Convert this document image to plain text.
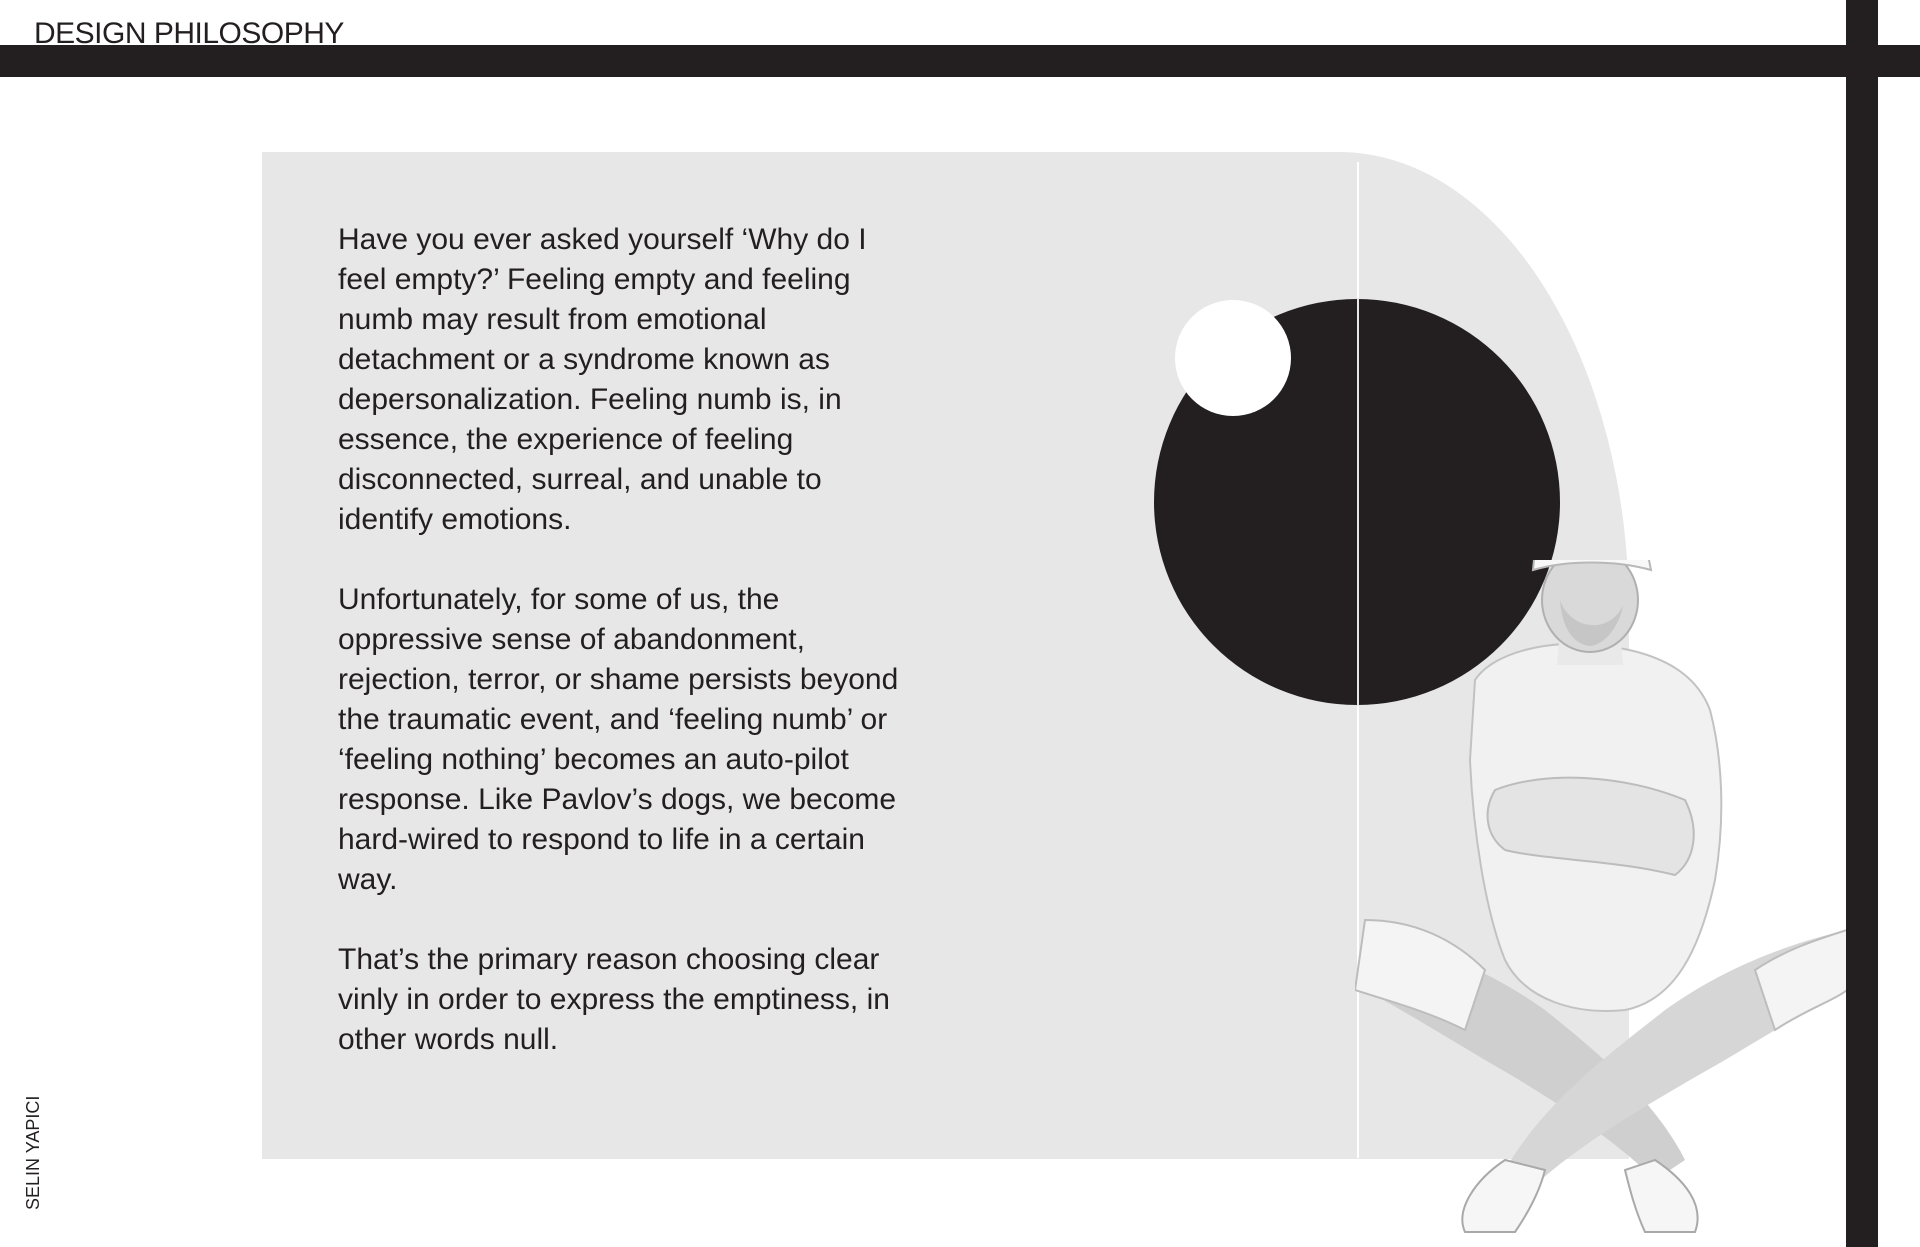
DESIGN PHILOSOPHY

Have you ever asked yourself ‘Why do I feel empty?’ Feeling empty and feeling numb may result from emotional detachment or a syndrome known as depersonalization. Feeling numb is, in essence, the experience of feeling disconnected, surreal, and unable to identify emotions.

Unfortunately, for some of us, the oppressive sense of abandonment, rejection, terror, or shame persists beyond the traumatic event, and ‘feeling numb’ or ‘feeling nothing’ becomes an auto-pilot response. Like Pavlov’s dogs, we become hard-wired to respond to life in a certain way.

That’s the primary reason choosing clear vinly in order to express the emptiness, in other words null.

SELIN YAPICI
